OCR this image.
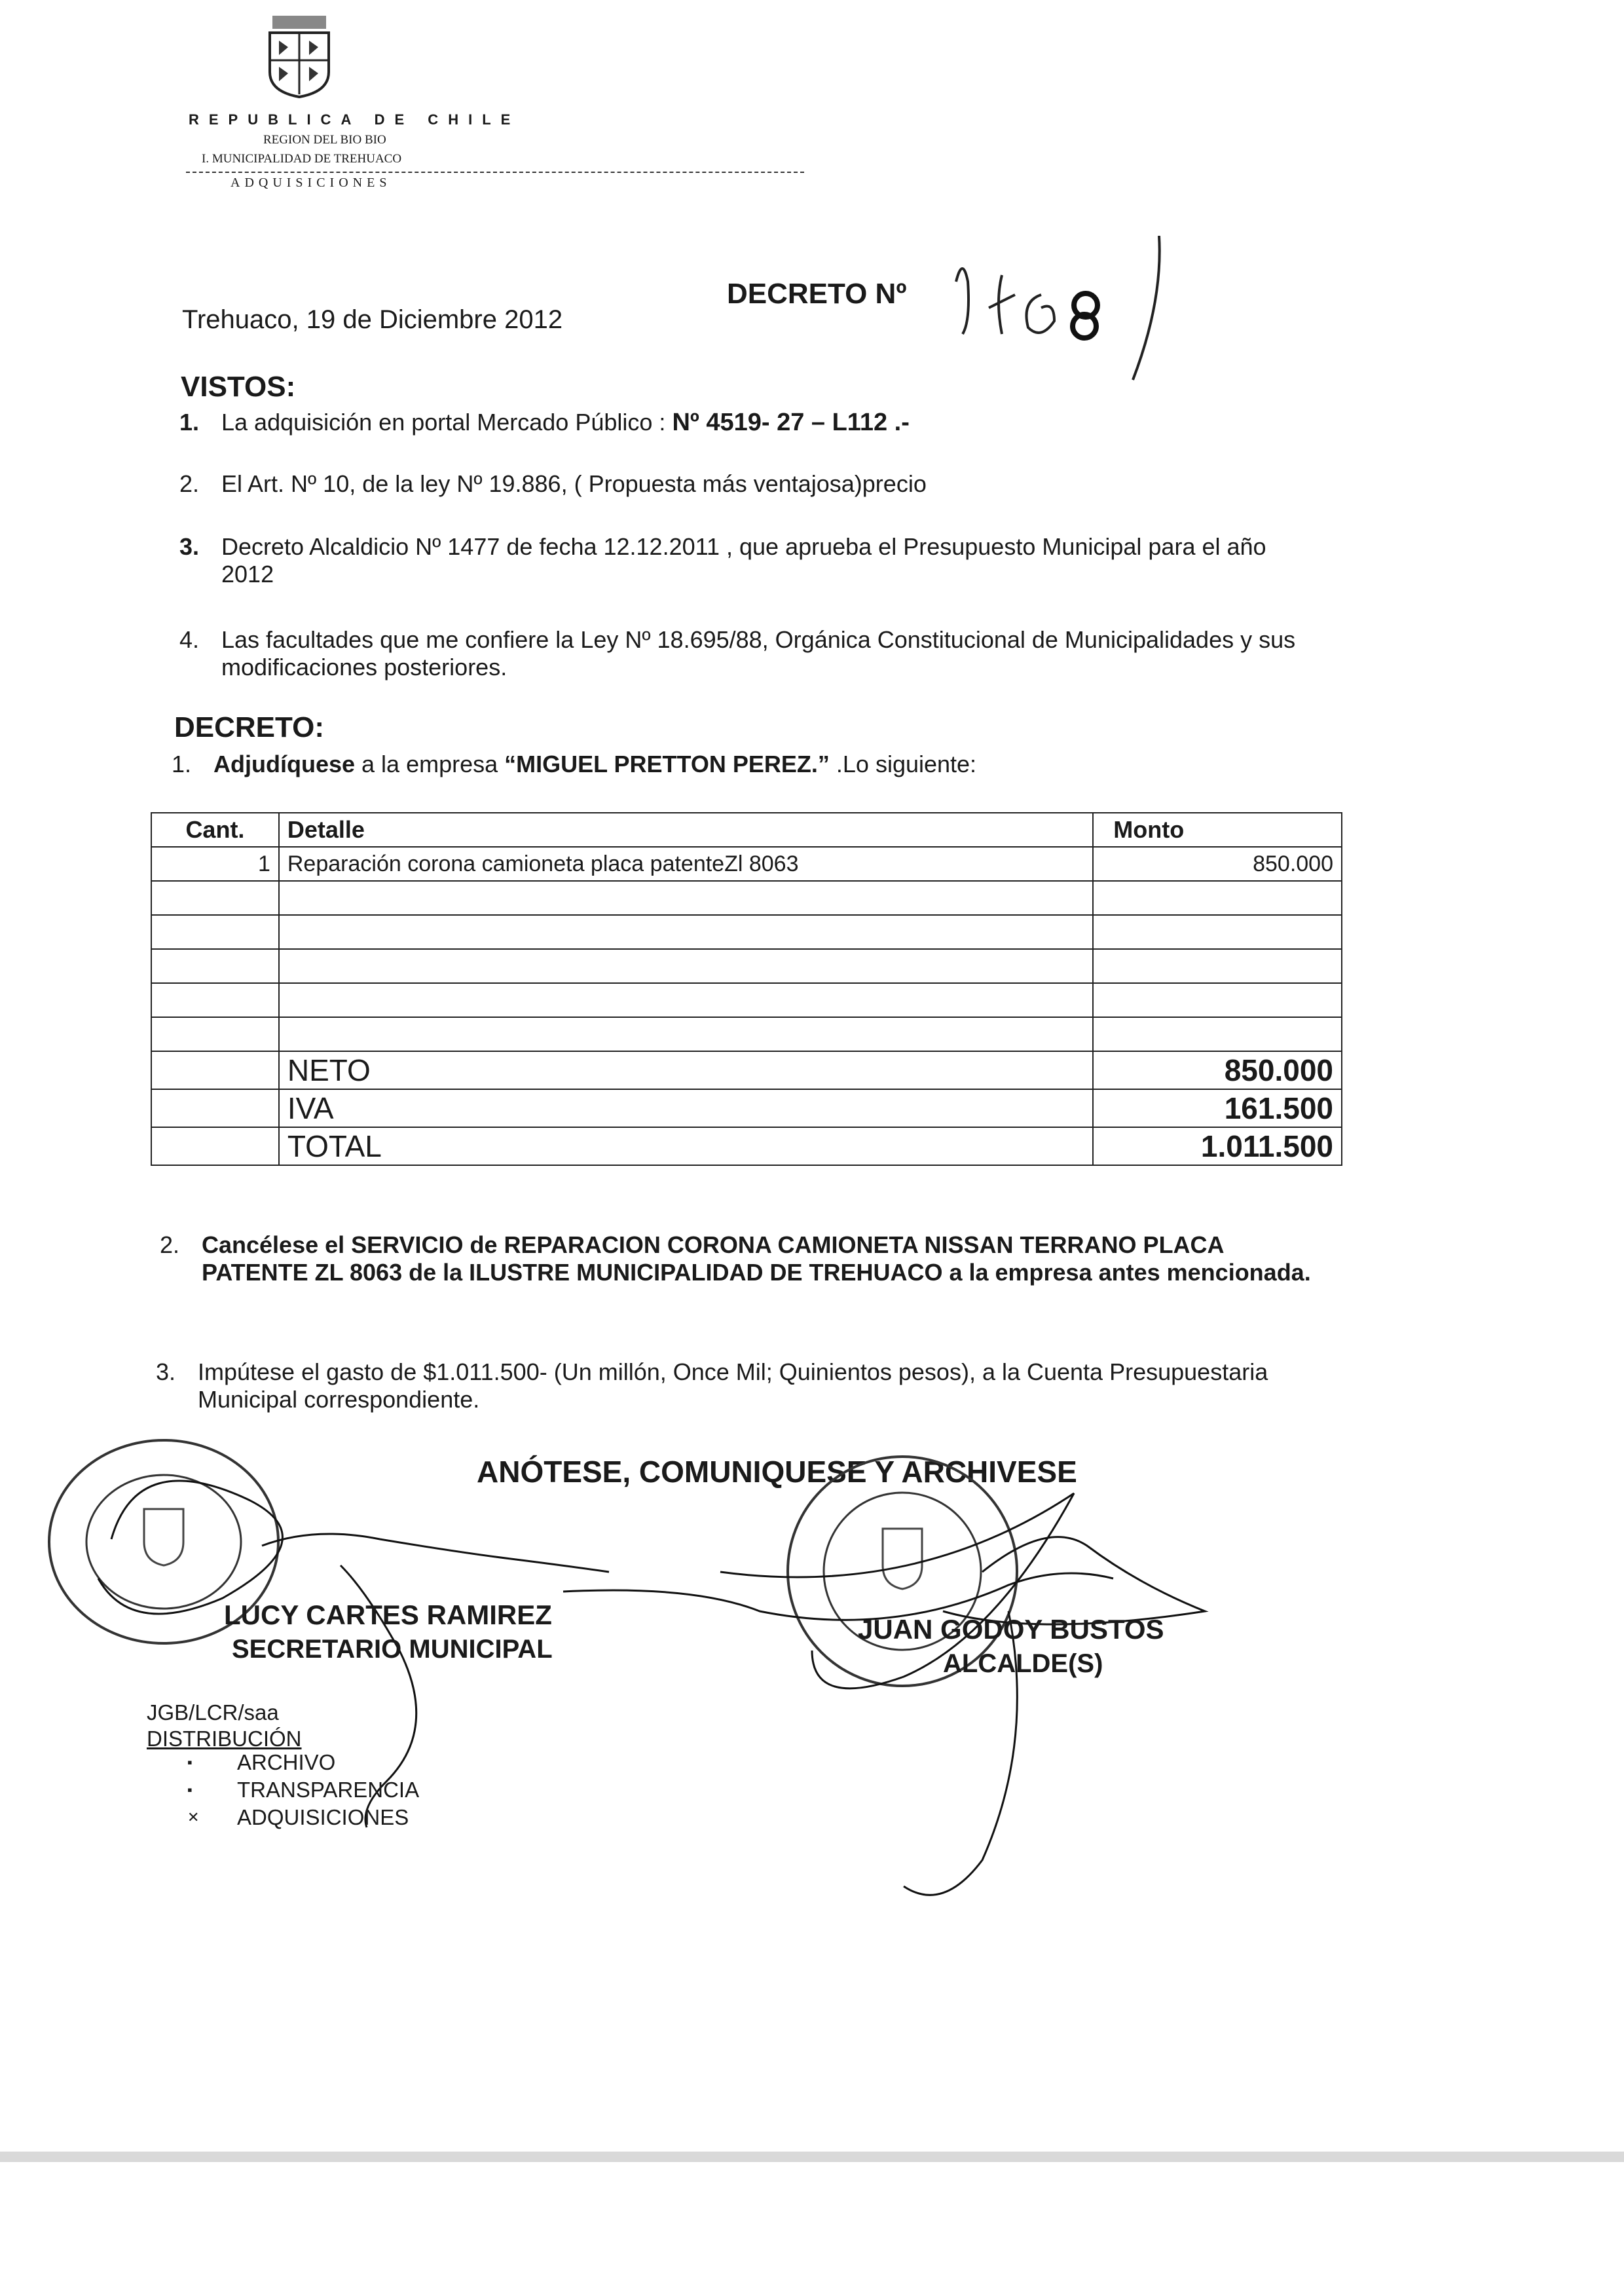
REPUBLICA DE CHILE
REGION DEL BIO BIO
I. MUNICIPALIDAD DE TREHUACO
ADQUISICIONES
DECRETO Nº
Trehuaco, 19 de Diciembre 2012
VISTOS:
1. La adquisición en portal Mercado Público : Nº 4519- 27 – L112 .-
2. El Art. Nº 10, de la ley Nº 19.886, ( Propuesta más ventajosa)precio
3. Decreto Alcaldicio Nº 1477 de fecha 12.12.2011 , que aprueba el Presupuesto Municipal para el año
2012
4. Las facultades que me confiere la Ley Nº 18.695/88, Orgánica Constitucional de Municipalidades y sus
modificaciones posteriores.
DECRETO:
1. Adjudíquese a la empresa “MIGUEL PRETTON PEREZ.” .Lo siguiente:
Cant.	Detalle	Monto
1	Reparación corona camioneta placa patenteZl 8063	850.000

	NETO	850.000
	IVA	161.500
	TOTAL	1.011.500
2. Cancélese el SERVICIO de REPARACION CORONA CAMIONETA NISSAN TERRANO PLACA
PATENTE ZL 8063 de la ILUSTRE MUNICIPALIDAD DE TREHUACO a la empresa antes mencionada.
3. Impútese el gasto de $1.011.500- (Un millón, Once Mil; Quinientos pesos), a la Cuenta Presupuestaria
Municipal correspondiente.
ANÓTESE, COMUNIQUESE Y ARCHIVESE
LUCY CARTES RAMIREZ
SECRETARIO MUNICIPAL
JUAN GODOY BUSTOS
ALCALDE(S)
JGB/LCR/saa
DISTRIBUCIÓN
▪ ARCHIVO
▪ TRANSPARENCIA
✕ ADQUISICIONES
